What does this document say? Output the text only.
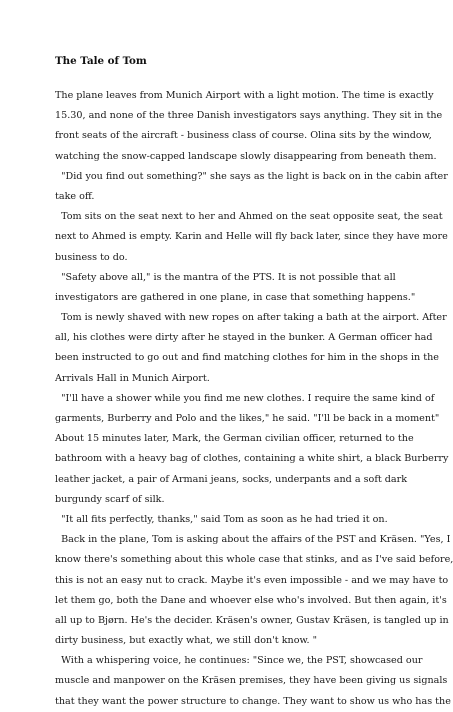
The Tale of Tom
The plane leaves from Munich Airport with a light motion. The time is exactly
15.30, and none of the three Danish investigators says anything. They sit in the
front seats of the aircraft - business class of course. Olina sits by the window,
watching the snow-capped landscape slowly disappearing from beneath them.
"Did you find out something?" she says as the light is back on in the cabin after
take off.
Tom sits on the seat next to her and Ahmed on the seat opposite seat, the seat
next to Ahmed is empty. Karin and Helle will fly back later, since they have more
business to do.
"Safety above all," is the mantra of the PTS. It is not possible that all
investigators are gathered in one plane, in case that something happens."
Tom is newly shaved with new ropes on after taking a bath at the airport. After
all, his clothes were dirty after he stayed in the bunker. A German officer had
been instructed to go out and find matching clothes for him in the shops in the
Arrivals Hall in Munich Airport.
"I'll have a shower while you find me new clothes. I require the same kind of
garments, Burberry and Polo and the likes," he said. "I'll be back in a moment"
About 15 minutes later, Mark, the German civilian officer, returned to the
bathroom with a heavy bag of clothes, containing a white shirt, a black Burberry
leather jacket, a pair of Armani jeans, socks, underpants and a soft dark
burgundy scarf of silk.
"It all fits perfectly, thanks," said Tom as soon as he had tried it on.
Back in the plane, Tom is asking about the affairs of the PST and Kräsen. "Yes, I
know there's something about this whole case that stinks, and as I've said before,
this is not an easy nut to crack. Maybe it's even impossible - and we may have to
let them go, both the Dane and whoever else who's involved. But then again, it's
all up to Bjørn. He's the decider. Kräsen's owner, Gustav Kräsen, is tangled up in
dirty business, but exactly what, we still don't know. "
With a whispering voice, he continues: "Since we, the PST, showcased our
muscle and manpower on the Kräsen premises, they have been giving us signals
that they want the power structure to change. They want to show us who has the
